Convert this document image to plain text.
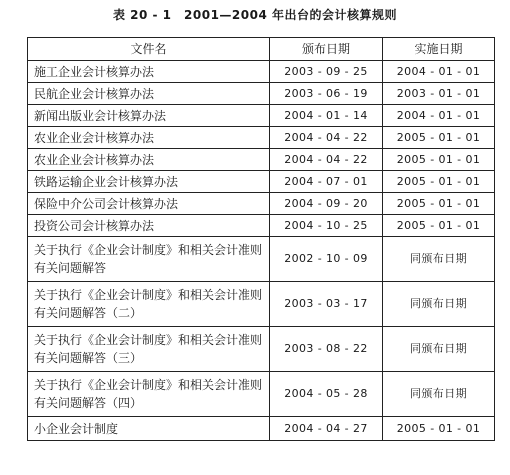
表 20 - 1　2001—2004 年出台的会计核算规则
文件名	颁布日期	实施日期
施工企业会计核算办法	2003 - 09 - 25	2004 - 01 - 01
民航企业会计核算办法	2003 - 06 - 19	2003 - 01 - 01
新闻出版业会计核算办法	2004 - 01 - 14	2004 - 01 - 01
农业企业会计核算办法	2004 - 04 - 22	2005 - 01 - 01
农业企业会计核算办法	2004 - 04 - 22	2005 - 01 - 01
铁路运输企业会计核算办法	2004 - 07 - 01	2005 - 01 - 01
保险中介公司会计核算办法	2004 - 09 - 20	2005 - 01 - 01
投资公司会计核算办法	2004 - 10 - 25	2005 - 01 - 01

关于执行《企业会计制度》和相关会计准则
有关问题解答	2002 - 10 - 09	同颁布日期

关于执行《企业会计制度》和相关会计准则
有关问题解答（二）	2003 - 03 - 17	同颁布日期

关于执行《企业会计制度》和相关会计准则
有关问题解答（三）	2003 - 08 - 22	同颁布日期

关于执行《企业会计制度》和相关会计准则
有关问题解答（四）	2004 - 05 - 28	同颁布日期
小企业会计制度	2004 - 04 - 27	2005 - 01 - 01
